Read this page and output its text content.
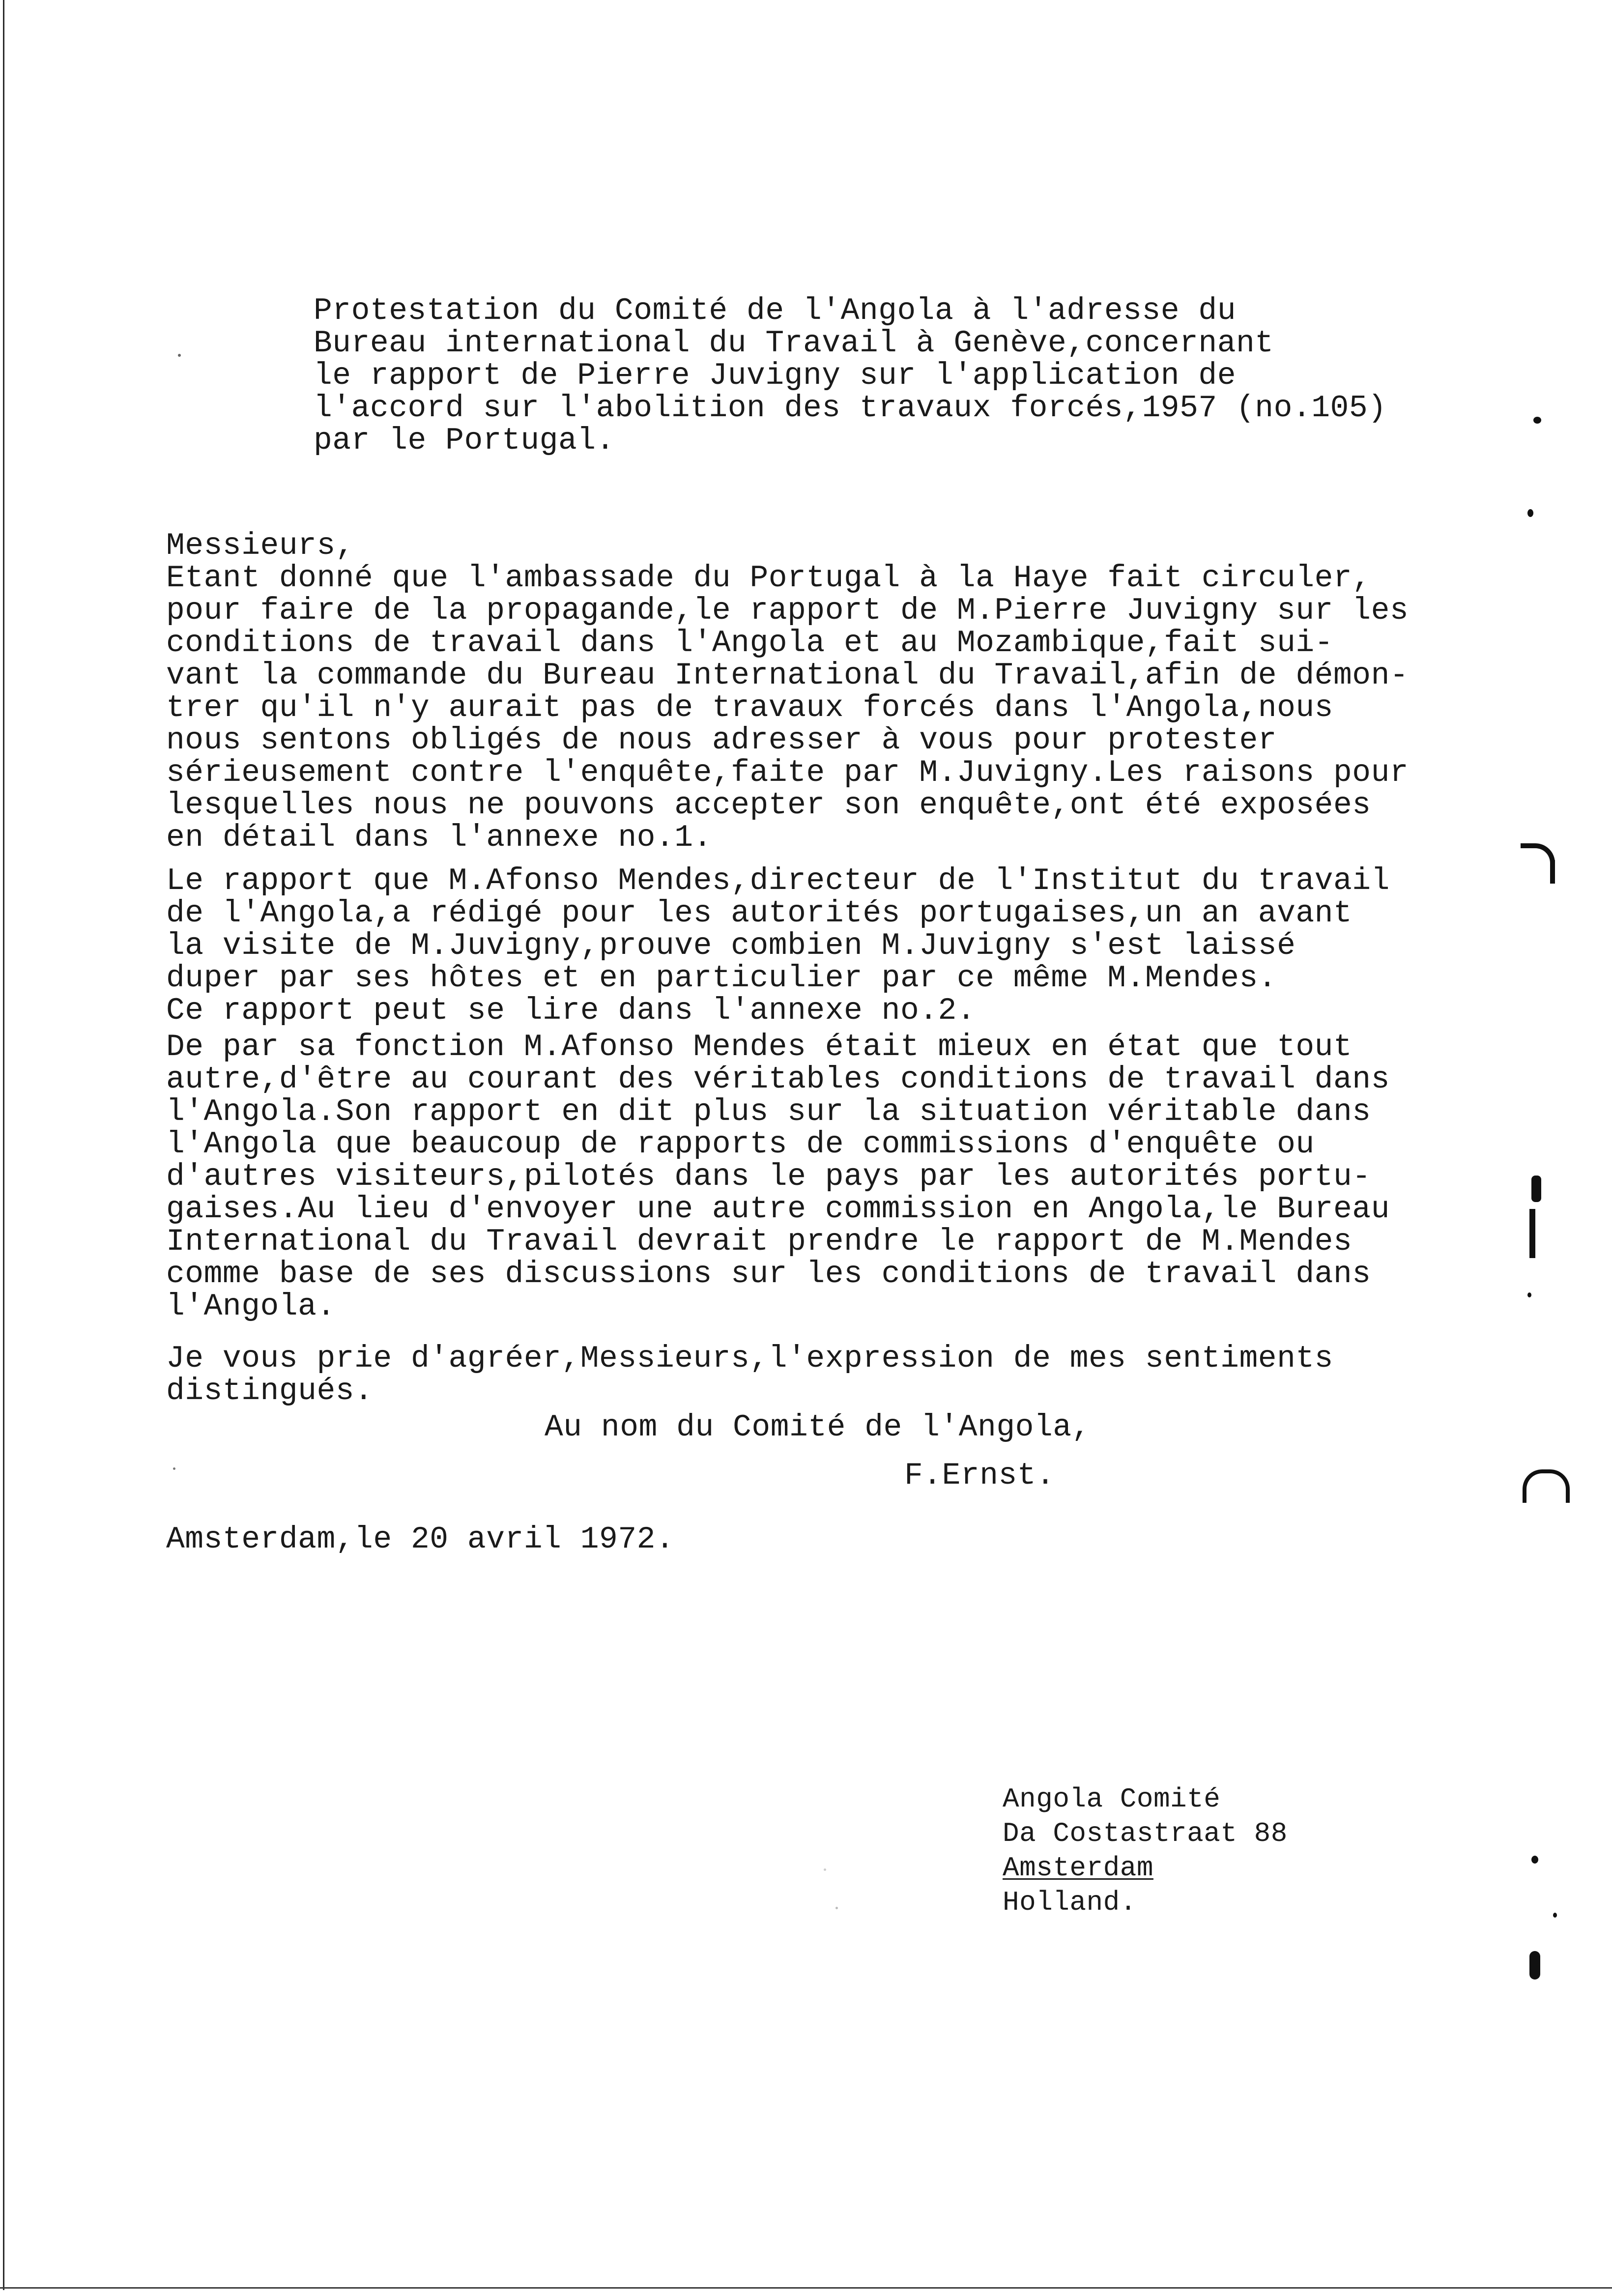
Protestation du Comité de l'Angola à l'adresse du
Bureau international du Travail à Genève,concernant
le rapport de Pierre Juvigny sur l'application de
l'accord sur l'abolition des travaux forcés,1957 (no.105)
par le Portugal.
Messieurs,
Etant donné que l'ambassade du Portugal à la Haye fait circuler,
pour faire de la propagande,le rapport de M.Pierre Juvigny sur les
conditions de travail dans l'Angola et au Mozambique,fait sui-
vant la commande du Bureau International du Travail,afin de démon-
trer qu'il n'y aurait pas de travaux forcés dans l'Angola,nous
nous sentons obligés de nous adresser à vous pour protester
sérieusement contre l'enquête,faite par M.Juvigny.Les raisons pour
lesquelles nous ne pouvons accepter son enquête,ont été exposées
en détail dans l'annexe no.1.
Le rapport que M.Afonso Mendes,directeur de l'Institut du travail
de l'Angola,a rédigé pour les autorités portugaises,un an avant
la visite de M.Juvigny,prouve combien M.Juvigny s'est laissé
duper par ses hôtes et en particulier par ce même M.Mendes.
Ce rapport peut se lire dans l'annexe no.2.
De par sa fonction M.Afonso Mendes était mieux en état que tout
autre,d'être au courant des véritables conditions de travail dans
l'Angola.Son rapport en dit plus sur la situation véritable dans
l'Angola que beaucoup de rapports de commissions d'enquête ou
d'autres visiteurs,pilotés dans le pays par les autorités portu-
gaises.Au lieu d'envoyer une autre commission en Angola,le Bureau
International du Travail devrait prendre le rapport de M.Mendes
comme base de ses discussions sur les conditions de travail dans
l'Angola.
Je vous prie d'agréer,Messieurs,l'expression de mes sentiments
distingués.
Au nom du Comité de l'Angola,
F.Ernst.
Amsterdam,le 20 avril 1972.
Angola Comité
Da Costastraat 88
Amsterdam
Holland.
